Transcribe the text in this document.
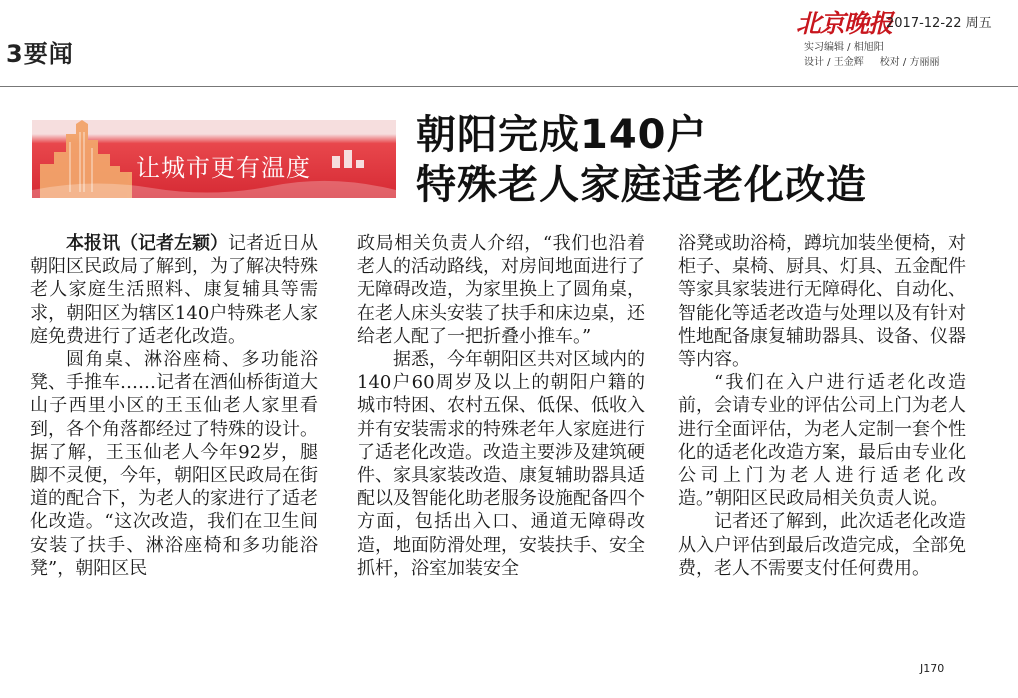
3要闻
北京晚报
2017-12-22 周五
实习编辑 / 相旭阳
设计 / 王金辉 校对 / 方丽丽
让城市更有温度
朝阳完成140户
特殊老人家庭适老化改造

本报讯（记者左颖）记者近日从朝阳区民政局了解到，为了解决特殊老人家庭生活照料、康复辅具等需求，朝阳区为辖区140户特殊老人家庭免费进行了适老化改造。

圆角桌、淋浴座椅、多功能浴凳、手推车……记者在酒仙桥街道大山子西里小区的王玉仙老人家里看到，各个角落都经过了特殊的设计。据了解，王玉仙老人今年92岁，腿脚不灵便，今年，朝阳区民政局在街道的配合下，为老人的家进行了适老化改造。“这次改造，我们在卫生间安装了扶手、淋浴座椅和多功能浴凳”，朝阳区民

政局相关负责人介绍，“我们也沿着老人的活动路线，对房间地面进行了无障碍改造，为家里换上了圆角桌，在老人床头安装了扶手和床边桌，还给老人配了一把折叠小推车。”

据悉，今年朝阳区共对区域内的140户60周岁及以上的朝阳户籍的城市特困、农村五保、低保、低收入并有安装需求的特殊老年人家庭进行了适老化改造。改造主要涉及建筑硬件、家具家装改造、康复辅助器具适配以及智能化助老服务设施配备四个方面，包括出入口、通道无障碍改造，地面防滑处理，安装扶手、安全抓杆，浴室加装安全

浴凳或助浴椅，蹲坑加装坐便椅，对柜子、桌椅、厨具、灯具、五金配件等家具家装进行无障碍化、自动化、智能化等适老改造与处理以及有针对性地配备康复辅助器具、设备、仪器等内容。

“我们在入户进行适老化改造前，会请专业的评估公司上门为老人进行全面评估，为老人定制一套个性化的适老化改造方案，最后由专业化公司上门为老人进行适老化改造。”朝阳区民政局相关负责人说。

记者还了解到，此次适老化改造从入户评估到最后改造完成，全部免费，老人不需要支付任何费用。

J170
